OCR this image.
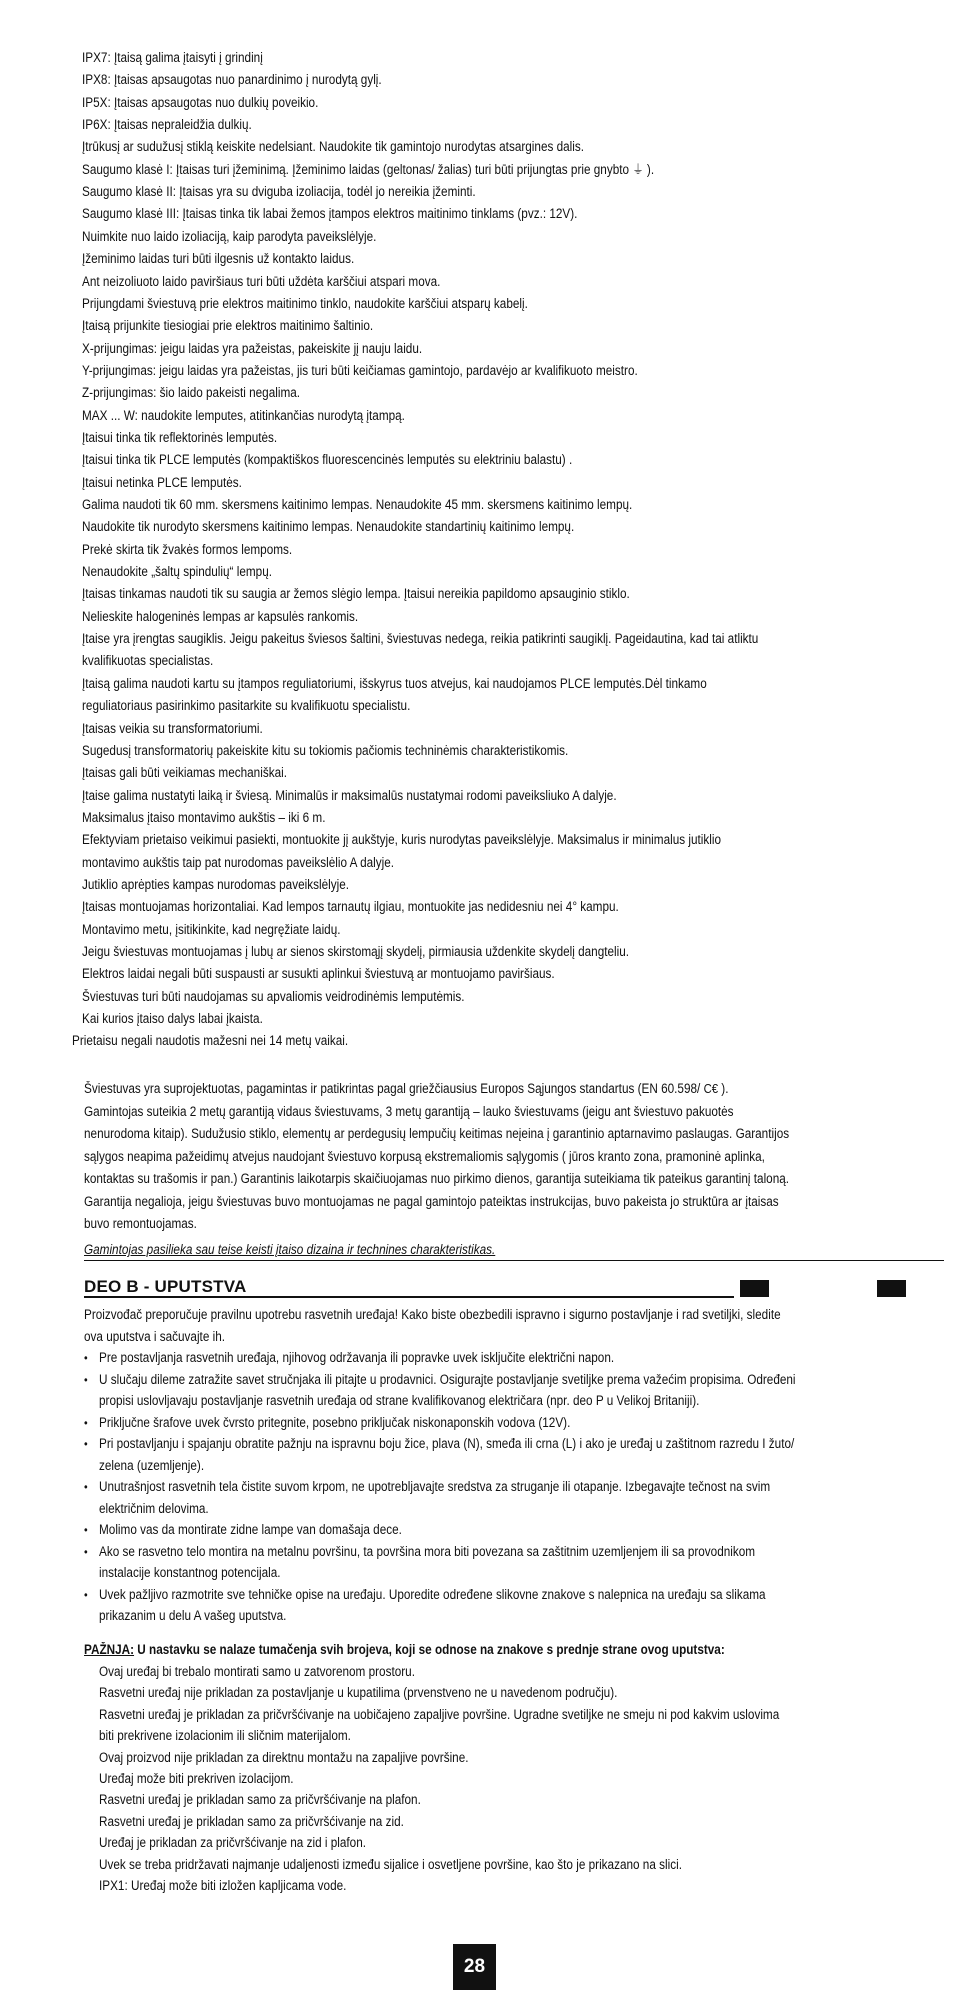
IPX7: Įtaisą galima įtaisyti į grindinį
IPX8: Įtaisas apsaugotas nuo panardinimo į nurodytą gylį.
IP5X: Įtaisas apsaugotas nuo dulkių poveikio.
IP6X: Įtaisas nepraleidžia dulkių.
Įtrūkusį ar sudužusį stiklą keiskite nedelsiant. Naudokite tik gamintojo nurodytas atsargines dalis.
Saugumo klasė I: Įtaisas turi įžeminimą. Įžeminimo laidas (geltonas/ žalias) turi būti prijungtas prie gnybto ⏚ ).
Saugumo klasė II: Įtaisas yra su dviguba izoliacija, todėl jo nereikia įžeminti.
Saugumo klasė III: Įtaisas tinka tik labai žemos įtampos elektros maitinimo tinklams (pvz.: 12V).
Nuimkite nuo laido izoliaciją, kaip parodyta paveikslėlyje.
Įžeminimo laidas turi būti ilgesnis už kontakto laidus.
Ant neizoliuoto laido paviršiaus turi būti uždėta karščiui atspari mova.
Prijungdami šviestuvą prie elektros maitinimo tinklo, naudokite karščiui atsparų kabelį.
Įtaisą prijunkite tiesiogiai prie elektros maitinimo šaltinio.
X-prijungimas: jeigu laidas yra pažeistas, pakeiskite jį nauju laidu.
Y-prijungimas: jeigu laidas yra pažeistas, jis turi būti keičiamas gamintojo, pardavėjo ar kvalifikuoto meistro.
Z-prijungimas: šio laido pakeisti negalima.
MAX ... W: naudokite lemputes, atitinkančias nurodytą įtampą.
Įtaisui tinka tik reflektorinės lemputės.
Įtaisui tinka tik PLCE lemputės (kompaktiškos fluorescencinės lemputės su elektriniu balastu) .
Įtaisui netinka PLCE lemputės.
Galima naudoti tik 60 mm. skersmens kaitinimo lempas. Nenaudokite 45 mm. skersmens kaitinimo lempų.
Naudokite tik nurodyto skersmens kaitinimo lempas. Nenaudokite standartinių kaitinimo lempų.
Prekė skirta tik žvakės formos lempoms.
Nenaudokite „šaltų spindulių“ lempų.
Įtaisas tinkamas naudoti tik su saugia ar žemos slėgio lempa. Įtaisui nereikia papildomo apsauginio stiklo.
Nelieskite halogeninės lempas ar kapsulės rankomis.
Įtaise yra įrengtas saugiklis. Jeigu pakeitus šviesos šaltini, šviestuvas nedega, reikia patikrinti saugiklį. Pageidautina, kad tai atliktu
kvalifikuotas specialistas.
Įtaisą galima naudoti kartu su įtampos reguliatoriumi, išskyrus tuos atvejus, kai naudojamos PLCE lemputės.Dėl tinkamo
reguliatoriaus pasirinkimo pasitarkite su kvalifikuotu specialistu.
Įtaisas veikia su transformatoriumi.
Sugedusį transformatorių pakeiskite kitu su tokiomis pačiomis techninėmis charakteristikomis.
Įtaisas gali būti veikiamas mechaniškai.
Įtaise galima nustatyti laiką ir šviesą. Minimalūs ir maksimalūs nustatymai rodomi paveiksliuko A dalyje.
Maksimalus įtaiso montavimo aukštis – iki 6 m.
Efektyviam prietaiso veikimui pasiekti, montuokite jį aukštyje, kuris nurodytas paveikslėlyje. Maksimalus ir minimalus jutiklio
montavimo aukštis taip pat nurodomas paveikslėlio A dalyje.
Jutiklio aprėpties kampas nurodomas paveikslėlyje.
Įtaisas montuojamas horizontaliai. Kad lempos tarnautų ilgiau, montuokite jas nedidesniu nei 4° kampu.
Montavimo metu, įsitikinkite, kad negręžiate laidų.
Jeigu šviestuvas montuojamas į lubų ar sienos skirstomąjį skydelį, pirmiausia uždenkite skydelį dangteliu.
Elektros laidai negali būti suspausti ar susukti aplinkui šviestuvą ar montuojamo paviršiaus.
Šviestuvas turi būti naudojamas su apvaliomis veidrodinėmis lemputėmis.
Kai kurios įtaiso dalys labai įkaista.
Prietaisu negali naudotis mažesni nei 14 metų vaikai.
Šviestuvas yra suprojektuotas, pagamintas ir patikrintas pagal griežčiausius Europos Sąjungos standartus (EN 60.598/ C€ ).
Gamintojas suteikia 2 metų garantiją vidaus šviestuvams, 3 metų garantiją – lauko šviestuvams (jeigu ant šviestuvo pakuotės
nenurodoma kitaip). Sudužusio stiklo, elementų ar perdegusių lempučių keitimas neįeina į garantinio aptarnavimo paslaugas. Garantijos
sąlygos neapima pažeidimų atvejus naudojant šviestuvo korpusą ekstremaliomis sąlygomis ( jūros kranto zona, pramoninė aplinka,
kontaktas su trašomis ir pan.) Garantinis laikotarpis skaičiuojamas nuo pirkimo dienos, garantija suteikiama tik pateikus garantinį taloną.
Garantija negalioja, jeigu šviestuvas buvo montuojamas ne pagal gamintojo pateiktas instrukcijas, buvo pakeista jo struktūra ar įtaisas
buvo remontuojamas.
Gamintojas pasilieka sau teise keisti įtaiso dizaina ir technines charakteristikas.
DEO B - UPUTSTVA
Proizvođač preporučuje pravilnu upotrebu rasvetnih uređaja! Kako biste obezbedili ispravno i sigurno postavljanje i rad svetiljki, sledite
ova uputstva i sačuvajte ih.
• Pre postavljanja rasvetnih uređaja, njihovog održavanja ili popravke uvek isključite električni napon.
• U slučaju dileme zatražite savet stručnjaka ili pitajte u prodavnici. Osigurajte postavljanje svetiljke prema važećim propisima. Određeni
propisi uslovljavaju postavljanje rasvetnih uređaja od strane kvalifikovanog električara (npr. deo P u Velikoj Britaniji).
• Priključne šrafove uvek čvrsto pritegnite, posebno priključak niskonaponskih vodova (12V).
• Pri postavljanju i spajanju obratite pažnju na ispravnu boju žice, plava (N), smeđa ili crna (L) i ako je uređaj u zaštitnom razredu I žuto/
zelena (uzemljenje).
• Unutrašnjost rasvetnih tela čistite suvom krpom, ne upotrebljavajte sredstva za struganje ili otapanje. Izbegavajte tečnost na svim
električnim delovima.
• Molimo vas da montirate zidne lampe van domašaja dece.
• Ako se rasvetno telo montira na metalnu površinu, ta površina mora biti povezana sa zaštitnim uzemljenjem ili sa provodnikom
instalacije konstantnog potencijala.
• Uvek pažljivo razmotrite sve tehničke opise na uređaju. Uporedite određene slikovne znakove s nalepnica na uređaju sa slikama
prikazanim u delu A vašeg uputstva.
PAŽNJA: U nastavku se nalaze tumačenja svih brojeva, koji se odnose na znakove s prednje strane ovog uputstva:
Ovaj uređaj bi trebalo montirati samo u zatvorenom prostoru.
Rasvetni uređaj nije prikladan za postavljanje u kupatilima (prvenstveno ne u navedenom području).
Rasvetni uređaj je prikladan za pričvršćivanje na uobičajeno zapaljive površine. Ugradne svetiljke ne smeju ni pod kakvim uslovima
biti prekrivene izolacionim ili sličnim materijalom.
Ovaj proizvod nije prikladan za direktnu montažu na zapaljive površine.
Uređaj može biti prekriven izolacijom.
Rasvetni uređaj je prikladan samo za pričvršćivanje na plafon.
Rasvetni uređaj je prikladan samo za pričvršćivanje na zid.
Uređaj je prikladan za pričvršćivanje na zid i plafon.
Uvek se treba pridržavati najmanje udaljenosti između sijalice i osvetljene površine, kao što je prikazano na slici.
IPX1: Uređaj može biti izložen kapljicama vode.
28
